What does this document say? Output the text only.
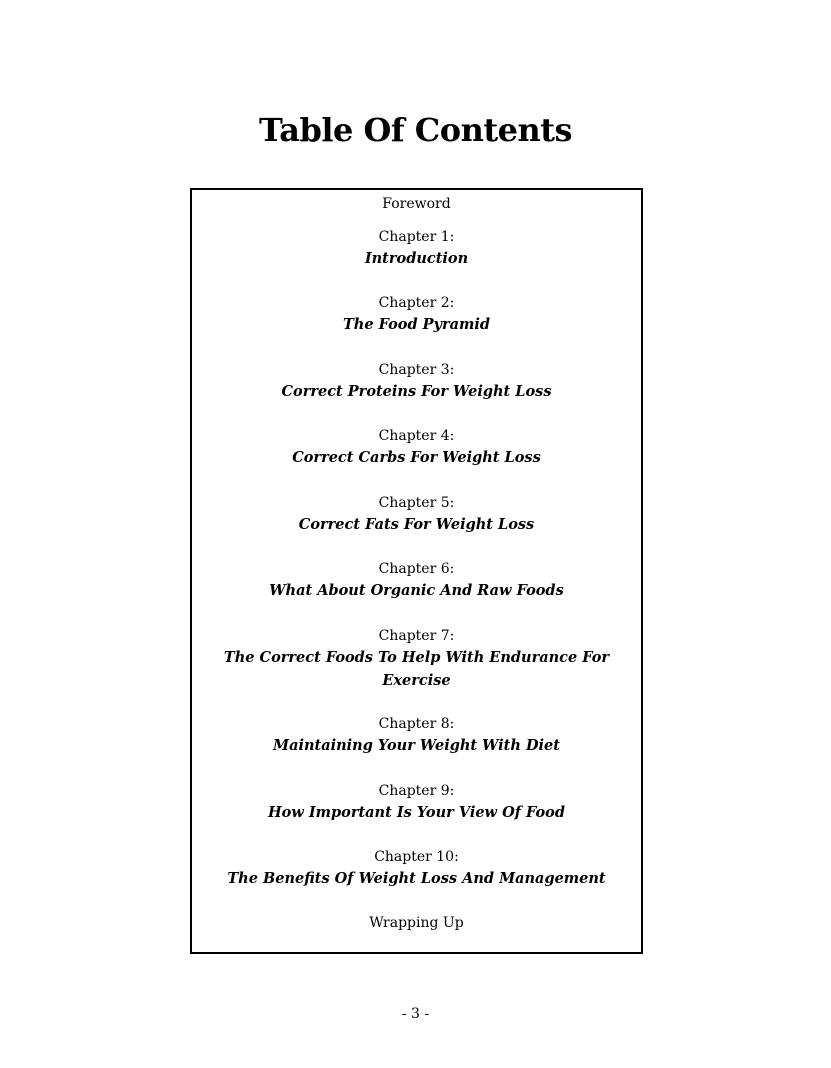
Table Of Contents
Foreword
Chapter 1:
Introduction
Chapter 2:
The Food Pyramid
Chapter 3:
Correct Proteins For Weight Loss
Chapter 4:
Correct Carbs For Weight Loss
Chapter 5:
Correct Fats For Weight Loss
Chapter 6:
What About Organic And Raw Foods
Chapter 7:
The Correct Foods To Help With Endurance For Exercise
Chapter 8:
Maintaining Your Weight With Diet
Chapter 9:
How Important Is Your View Of Food
Chapter 10:
The Benefits Of Weight Loss And Management
Wrapping Up
- 3 -
